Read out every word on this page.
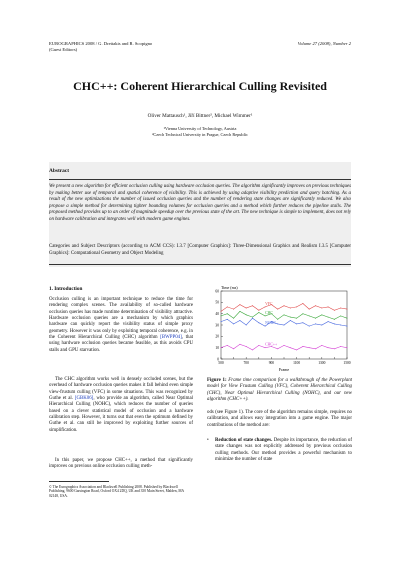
EUROGRAPHICS 2008 / G. Drettakis and R. Scopigno
(Guest Editors)
Volume 27 (2008), Number 2
CHC++: Coherent Hierarchical Culling Revisited
Oliver Mattausch¹, Jiří Bittner², Michael Wimmer¹
¹Vienna University of Technology, Austria
²Czech Technical University in Prague, Czech Republic
Abstract
We present a new algorithm for efficient occlusion culling using hardware occlusion queries. The algorithm significantly improves on previous techniques by making better use of temporal and spatial coherence of visibility. This is achieved by using adaptive visibility prediction and query batching. As a result of the new optimizations the number of issued occlusion queries and the number of rendering state changes are significantly reduced. We also propose a simple method for determining tighter bounding volumes for occlusion queries and a method which further reduces the pipeline stalls. The proposed method provides up to an order of magnitude speedup over the previous state of the art. The new technique is simple to implement, does not rely on hardware calibration and integrates well with modern game engines.
Categories and Subject Descriptors (according to ACM CCS): I.3.7 [Computer Graphics]: Three-Dimensional Graphics and Realism I.3.5 [Computer Graphics]: Computational Geometry and Object Modeling
1. Introduction
Occlusion culling is an important technique to reduce the time for rendering complex scenes. The availability of so-called hardware occlusion queries has made runtime determination of visibility attractive. Hardware occlusion queries are a mechanism by which graphics hardware can quickly report the visibility status of simple proxy geometry. However it was only by exploiting temporal coherence, e.g. in the Coherent Hierarchical Culling (CHC) algorithm [BWPP04], that using hardware occlusion queries became feasible, as this avoids CPU stalls and GPU starvation.
The CHC algorithm works well in densely occluded scenes, but the overhead of hardware occlusion queries makes it fall behind even simple view-frustum culling (VFC) in some situations. This was recognized by Guthe et al. [GBK06], who provide an algorithm, called Near Optimal Hierarchical Culling (NOHC), which reduces the number of queries based on a clever statistical model of occlusion and a hardware calibration step. However, it turns out that even the optimum defined by Guthe et al. can still be improved by exploiting further sources of simplification.
In this paper, we propose CHC++, a method that significantly improves on previous online occlusion culling meth-
© The Eurographics Association and Blackwell Publishing 2008. Published by Blackwell Publishing, 9600 Garsington Road, Oxford OX4 2DQ, UK and 350 Main Street, Malden, MA 02148, USA.
Time (ms)
0
10
20
30
40
50
60
500	700	900	1100	1300	1500
VFC
CHC
NOHC
CHC++
Frame
Figure 1: Frame time comparison for a walkthrough of the Powerplant model for View Frustum Culling (VFC), Coherent Hierarchical Culling (CHC), Near Optimal Hierarchical Culling (NOHC), and our new algorithm (CHC++).
ods (see Figure 1). The core of the algorithm remains simple, requires no calibration, and allows easy integration into a game engine. The major contributions of the method are:
• Reduction of state changes. Despite its importance, the reduction of state changes was not explicitly addressed by previous occlusion culling methods. Our method provides a powerful mechanism to minimize the number of state
